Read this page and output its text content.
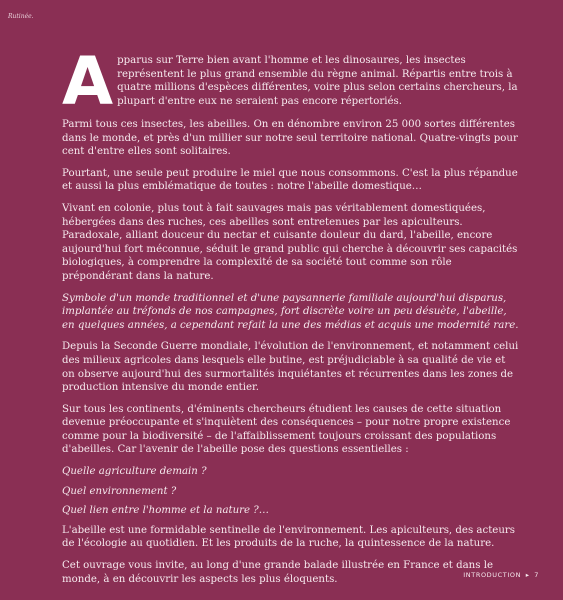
Rutinée.

Apparus sur Terre bien avant l'homme et les dinosaures, les insectes représentent le plus grand ensemble du règne animal. Répartis entre trois à quatre millions d'espèces différentes, voire plus selon certains chercheurs, la plupart d'entre eux ne seraient pas encore répertoriés.

Parmi tous ces insectes, les abeilles. On en dénombre environ 25 000 sortes différentes dans le monde, et près d'un millier sur notre seul territoire national. Quatre-vingts pour cent d'entre elles sont solitaires.

Pourtant, une seule peut produire le miel que nous consommons. C'est la plus répandue et aussi la plus emblématique de toutes : notre l'abeille domestique…

Vivant en colonie, plus tout à fait sauvages mais pas véritablement domestiquées, hébergées dans des ruches, ces abeilles sont entretenues par les apiculteurs. Paradoxale, alliant douceur du nectar et cuisante douleur du dard, l'abeille, encore aujourd'hui fort méconnue, séduit le grand public qui cherche à découvrir ses capacités biologiques, à comprendre la complexité de sa société tout comme son rôle prépondérant dans la nature.

Symbole d'un monde traditionnel et d'une paysannerie familiale aujourd'hui disparus, implantée au tréfonds de nos campagnes, fort discrète voire un peu désuète, l'abeille, en quelques années, a cependant refait la une des médias et acquis une modernité rare.

Depuis la Seconde Guerre mondiale, l'évolution de l'environnement, et notamment celui des milieux agricoles dans lesquels elle butine, est préjudiciable à sa qualité de vie et on observe aujourd'hui des surmortalités inquiétantes et récurrentes dans les zones de production intensive du monde entier.

Sur tous les continents, d'éminents chercheurs étudient les causes de cette situation devenue préoccupante et s'inquiètent des conséquences – pour notre propre existence comme pour la biodiversité – de l'affaiblissement toujours croissant des populations d'abeilles. Car l'avenir de l'abeille pose des questions essentielles :

Quelle agriculture demain ?

Quel environnement ?

Quel lien entre l'homme et la nature ?…

L'abeille est une formidable sentinelle de l'environnement. Les apiculteurs, des acteurs de l'écologie au quotidien. Et les produits de la ruche, la quintessence de la nature.

Cet ouvrage vous invite, au long d'une grande balade illustrée en France et dans le monde, à en découvrir les aspects les plus éloquents.	INTRODUCTION ▸ 7
